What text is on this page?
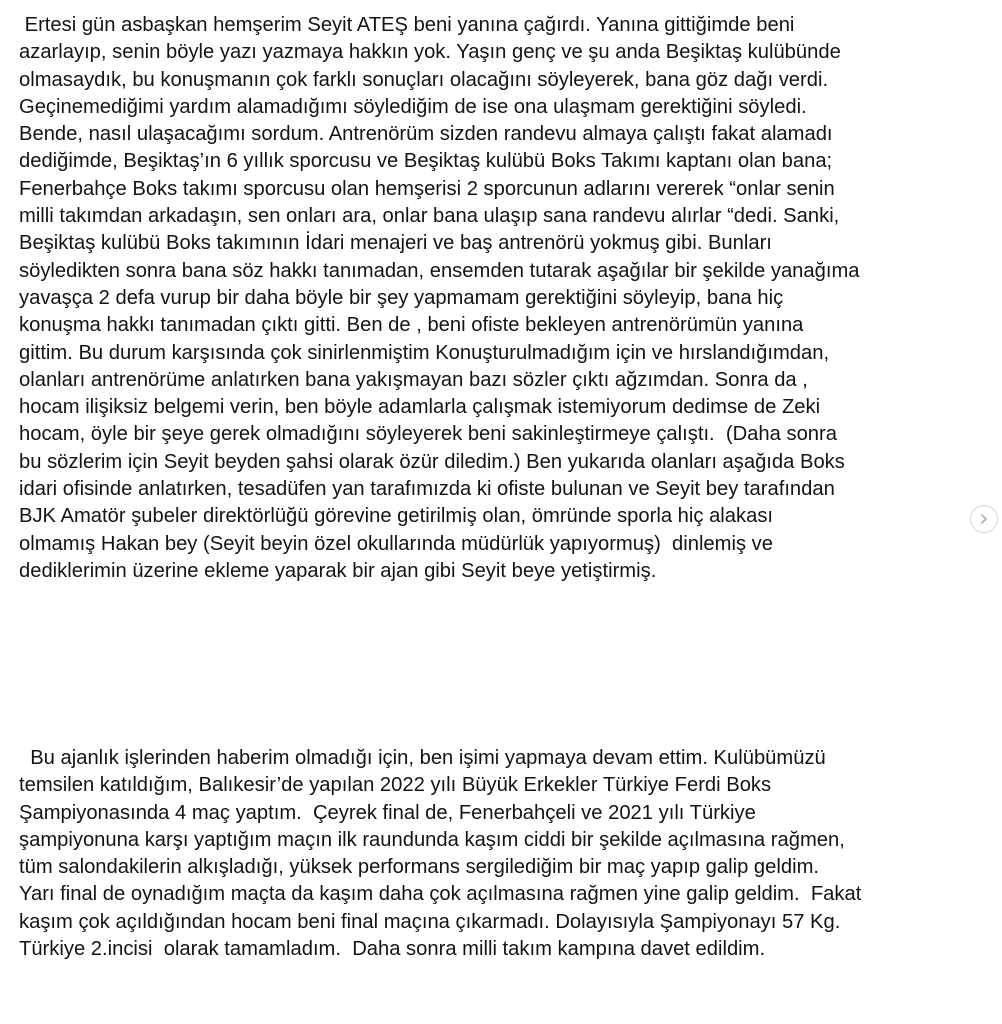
Ertesi gün asbaşkan hemşerim Seyit ATEŞ beni yanına çağırdı. Yanına gittiğimde beni
azarlayıp, senin böyle yazı yazmaya hakkın yok. Yaşın genç ve şu anda Beşiktaş kulübünde
olmasaydık, bu konuşmanın çok farklı sonuçları olacağını söyleyerek, bana göz dağı verdi.
Geçinemediğimi yardım alamadığımı söylediğim de ise ona ulaşmam gerektiğini söyledi.
Bende, nasıl ulaşacağımı sordum. Antrenörüm sizden randevu almaya çalıştı fakat alamadı
dediğimde, Beşiktaş’ın 6 yıllık sporcusu ve Beşiktaş kulübü Boks Takımı kaptanı olan bana;
Fenerbahçe Boks takımı sporcusu olan hemşerisi 2 sporcunun adlarını vererek “onlar senin
milli takımdan arkadaşın, sen onları ara, onlar bana ulaşıp sana randevu alırlar “dedi. Sanki,
Beşiktaş kulübü Boks takımının İdari menajeri ve baş antrenörü yokmuş gibi. Bunları
söyledikten sonra bana söz hakkı tanımadan, ensemden tutarak aşağılar bir şekilde yanağıma
yavaşça 2 defa vurup bir daha böyle bir şey yapmamam gerektiğini söyleyip, bana hiç
konuşma hakkı tanımadan çıktı gitti. Ben de , beni ofiste bekleyen antrenörümün yanına
gittim. Bu durum karşısında çok sinirlenmiştim Konuşturulmadığım için ve hırslandığımdan,
olanları antrenörüme anlatırken bana yakışmayan bazı sözler çıktı ağzımdan. Sonra da ,
hocam ilişiksiz belgemi verin, ben böyle adamlarla çalışmak istemiyorum dedimse de Zeki
hocam, öyle bir şeye gerek olmadığını söyleyerek beni sakinleştirmeye çalıştı.  (Daha sonra
bu sözlerim için Seyit beyden şahsi olarak özür diledim.) Ben yukarıda olanları aşağıda Boks
idari ofisinde anlatırken, tesadüfen yan tarafımızda ki ofiste bulunan ve Seyit bey tarafından
BJK Amatör şubeler direktörlüğü görevine getirilmiş olan, ömründe sporla hiç alakası
olmamış Hakan bey (Seyit beyin özel okullarında müdürlük yapıyormuş)  dinlemiş ve
dediklerimin üzerine ekleme yaparak bir ajan gibi Seyit beye yetiştirmiş.
Bu ajanlık işlerinden haberim olmadığı için, ben işimi yapmaya devam ettim. Kulübümüzü
temsilen katıldığım, Balıkesir’de yapılan 2022 yılı Büyük Erkekler Türkiye Ferdi Boks
Şampiyonasında 4 maç yaptım.  Çeyrek final de, Fenerbahçeli ve 2021 yılı Türkiye
şampiyonuna karşı yaptığım maçın ilk raundunda kaşım ciddi bir şekilde açılmasına rağmen,
tüm salondakilerin alkışladığı, yüksek performans sergilediğim bir maç yapıp galip geldim.
Yarı final de oynadığım maçta da kaşım daha çok açılmasına rağmen yine galip geldim.  Fakat
kaşım çok açıldığından hocam beni final maçına çıkarmadı. Dolayısıyla Şampiyonayı 57 Kg.
Türkiye 2.incisi  olarak tamamladım.  Daha sonra milli takım kampına davet edildim.
